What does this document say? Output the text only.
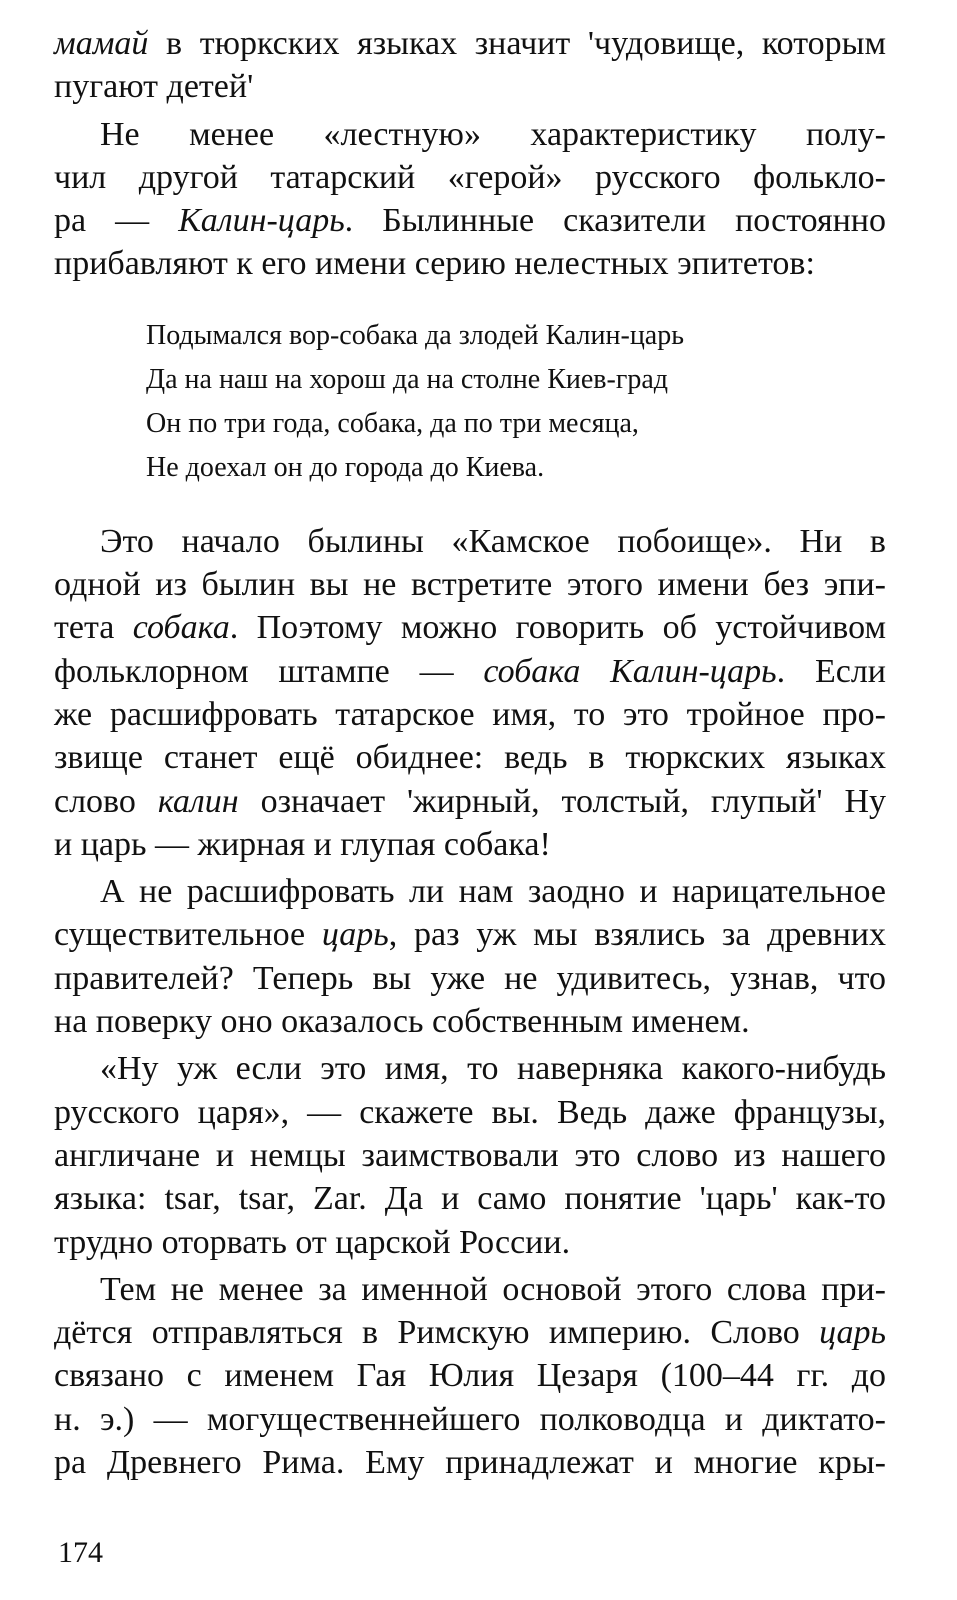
мамай в тюркских языках значит 'чудовище, которым
пугают детей'

Не менее «лестную» характеристику полу-
чил другой татарский «герой» русского фольклo-
ра — Калин-царь. Былинные сказители постоянно
прибавляют к его имени серию нелестных эпитетов:

Подымался вор-собака да злодей Калин-царь
Да на наш на хорош да на столне Киев-град
Он по три года, собака, да по три месяца,
Не доехал он до города до Киева.

Это начало былины «Камское побоище». Ни в
одной из былин вы не встретите этого имени без эпи-
тета собака. Поэтому можно говорить об устойчивом
фольклорном штампе — собака Калин-царь. Если
же расшифровать татарское имя, то это тройное про-
звище станет ещё обиднее: ведь в тюркских языках
слово калин означает 'жирный, толстый, глупый' Ну
и царь — жирная и глупая собака!

А не расшифровать ли нам заодно и нарицательное
существительное царь, раз уж мы взялись за древних
правителей? Теперь вы уже не удивитесь, узнав, что
на поверку оно оказалось собственным именем.

«Ну уж если это имя, то наверняка какого-нибудь
русского царя», — скажете вы. Ведь даже французы,
англичане и немцы заимствовали это слово из нашего
языка: tsar, tsar, Zar. Да и само понятие 'царь' как-то
трудно оторвать от царской России.

Тем не менее за именной основой этого слова при-
дётся отправляться в Римскую империю. Слово царь
связано с именем Гая Юлия Цезаря (100–44 гг. до
н. э.) — могущественнейшего полководца и диктато-
ра Древнего Рима. Ему принадлежат и многие кры-

174
